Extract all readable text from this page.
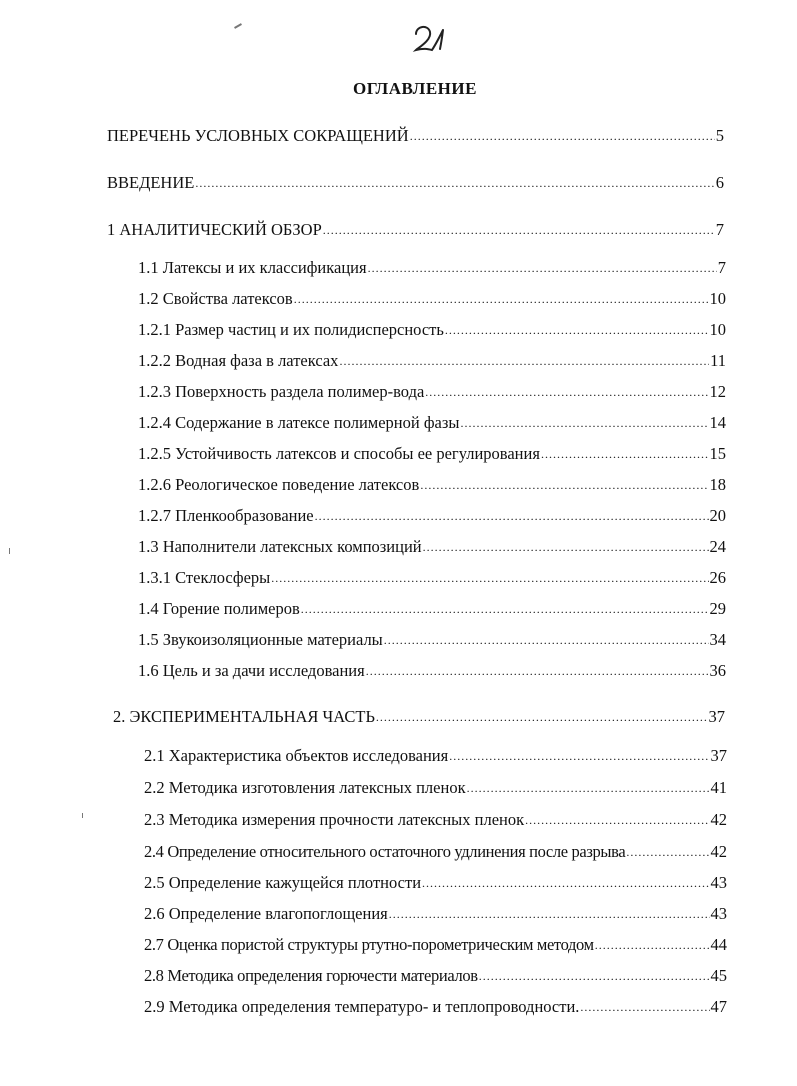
ОГЛАВЛЕНИЕ
ПЕРЕЧЕНЬ УСЛОВНЫХ СОКРАЩЕНИЙ .....	5
ВВЕДЕНИЕ .....	6
1 АНАЛИТИЧЕСКИЙ ОБЗОР .....	7
1.1 Латексы и их классификация .....	7
1.2 Свойства латексов .....	10
1.2.1 Размер частиц и их полидисперсность .....	10
1.2.2 Водная фаза в латексах .....	11
1.2.3 Поверхность раздела полимер-вода .....	12
1.2.4 Содержание в латексе полимерной фазы .....	14
1.2.5 Устойчивость латексов и способы ее регулирования .....	15
1.2.6 Реологическое поведение латексов .....	18
1.2.7 Пленкообразование .....	20
1.3 Наполнители латексных композиций .....	24
1.3.1 Стеклосферы .....	26
1.4 Горение полимеров .....	29
1.5 Звукоизоляционные материалы .....	34
1.6 Цель и за дачи исследования .....	36
2. ЭКСПЕРИМЕНТАЛЬНАЯ ЧАСТЬ .....	37
2.1 Характеристика объектов исследования .....	37
2.2 Методика изготовления латексных пленок .....	41
2.3 Методика измерения прочности латексных пленок .....	42
2.4 Определение относительного остаточного удлинения после разрыва .....	42
2.5 Определение кажущейся плотности .....	43
2.6 Определение влагопоглощения .....	43
2.7 Оценка пористой структуры ртутно-порометрическим методом .....	44
2.8 Методика определения горючести материалов .....	45
2.9 Методика определения температуро- и теплопроводности. .....	47
